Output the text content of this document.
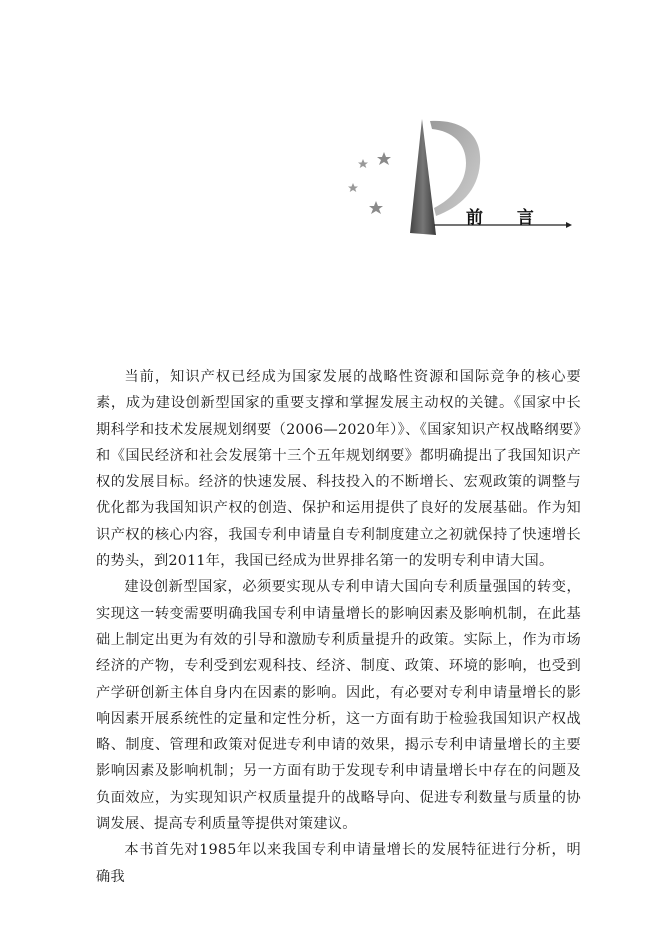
前 言

当前，知识产权已经成为国家发展的战略性资源和国际竞争的核心要素，成为建设创新型国家的重要支撑和掌握发展主动权的关键。《国家中长期科学和技术发展规划纲要（2006—2020年）》、《国家知识产权战略纲要》和《国民经济和社会发展第十三个五年规划纲要》都明确提出了我国知识产权的发展目标。经济的快速发展、科技投入的不断增长、宏观政策的调整与优化都为我国知识产权的创造、保护和运用提供了良好的发展基础。作为知识产权的核心内容，我国专利申请量自专利制度建立之初就保持了快速增长的势头，到2011年，我国已经成为世界排名第一的发明专利申请大国。

建设创新型国家，必须要实现从专利申请大国向专利质量强国的转变，实现这一转变需要明确我国专利申请量增长的影响因素及影响机制，在此基础上制定出更为有效的引导和激励专利质量提升的政策。实际上，作为市场经济的产物，专利受到宏观科技、经济、制度、政策、环境的影响，也受到产学研创新主体自身内在因素的影响。因此，有必要对专利申请量增长的影响因素开展系统性的定量和定性分析，这一方面有助于检验我国知识产权战略、制度、管理和政策对促进专利申请的效果，揭示专利申请量增长的主要影响因素及影响机制；另一方面有助于发现专利申请量增长中存在的问题及负面效应，为实现知识产权质量提升的战略导向、促进专利数量与质量的协调发展、提高专利质量等提供对策建议。

本书首先对1985年以来我国专利申请量增长的发展特征进行分析，明确我
